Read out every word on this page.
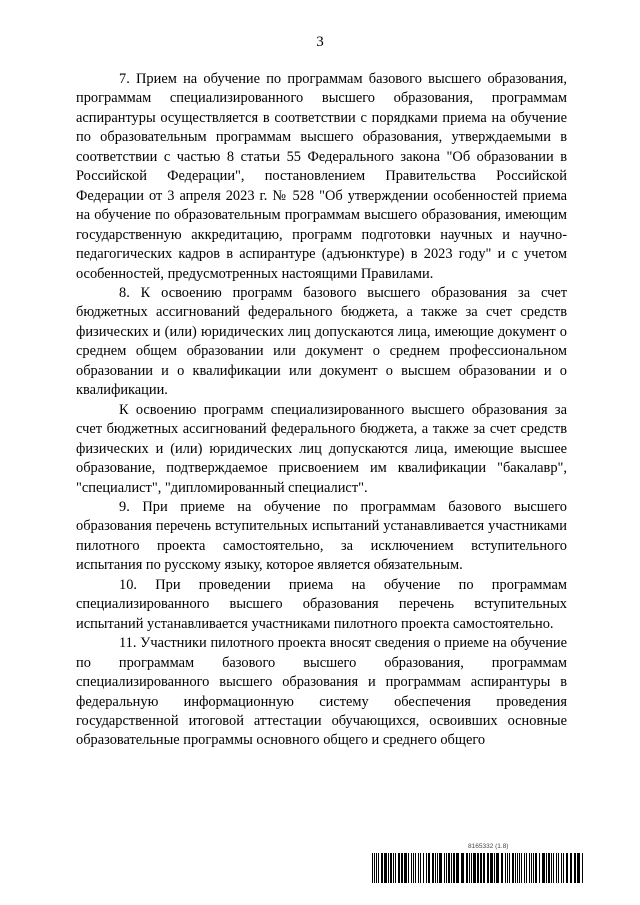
3

7. Прием на обучение по программам базового высшего образования, программам специализированного высшего образования, программам аспирантуры осуществляется в соответствии с порядками приема на обучение по образовательным программам высшего образования, утверждаемыми в соответствии с частью 8 статьи 55 Федерального закона "Об образовании в Российской Федерации", постановлением Правительства Российской Федерации от 3 апреля 2023 г. № 528 "Об утверждении особенностей приема на обучение по образовательным программам высшего образования, имеющим государственную аккредитацию, программ подготовки научных и научно-педагогических кадров в аспирантуре (адъюнктуре) в 2023 году" и с учетом особенностей, предусмотренных настоящими Правилами.

8. К освоению программ базового высшего образования за счет бюджетных ассигнований федерального бюджета, а также за счет средств физических и (или) юридических лиц допускаются лица, имеющие документ о среднем общем образовании или документ о среднем профессиональном образовании и о квалификации или документ о высшем образовании и о квалификации.

К освоению программ специализированного высшего образования за счет бюджетных ассигнований федерального бюджета, а также за счет средств физических и (или) юридических лиц допускаются лица, имеющие высшее образование, подтверждаемое присвоением им квалификации "бакалавр", "специалист", "дипломированный специалист".

9. При приеме на обучение по программам базового высшего образования перечень вступительных испытаний устанавливается участниками пилотного проекта самостоятельно, за исключением вступительного испытания по русскому языку, которое является обязательным.

10. При проведении приема на обучение по программам специализированного высшего образования перечень вступительных испытаний устанавливается участниками пилотного проекта самостоятельно.

11. Участники пилотного проекта вносят сведения о приеме на обучение по программам базового высшего образования, программам специализированного высшего образования и программам аспирантуры в федеральную информационную систему обеспечения проведения государственной итоговой аттестации обучающихся, освоивших основные образовательные программы основного общего и среднего общего

8165332 (1.8)
